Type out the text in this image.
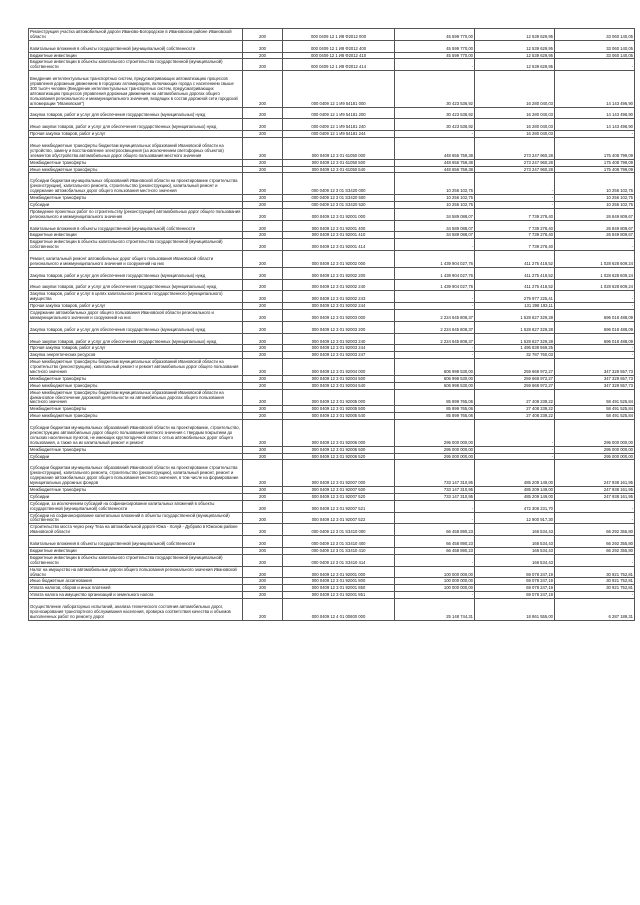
Реконструкция участка автомобильной дороги Иваново-Богородское в Ивановском районе Ивановской области	200	000 0409 12 1 И8 Ф2012 000	45 599 770,00	12 539 629,95	33 060 140,05
Капитальные вложения в объекты государственной (муниципальной) собственности	200	000 0409 12 1 И8 Ф2012 400	45 599 770,00	12 539 629,95	33 060 140,05
Бюджетные инвестиции	200	000 0409 12 1 И8 Ф2012 410	45 599 770,00	12 539 629,95	33 060 140,05
Бюджетные инвестиции в объекты капитального строительства государственной (муниципальной) собственности	200	000 0409 12 1 И8 Ф2012 414	-	12 539 629,95	-
Внедрение интеллектуальных транспортных систем, предусматривающих автоматизацию процессов управления дорожным движением в городских агломерациях, включающих города с населением свыше 300 тысяч человек (Внедрение интеллектуальных транспортных систем, предусматривающих автоматизацию процессов управления дорожным движением на автомобильных дорогах общего пользования регионального и межмуниципального значения, входящих в состав дорожной сети городской агломерации "Ивановская")	200	000 0409 12 1 И9 54181 000	30 423 536,92	16 280 040,03	14 143 496,90
Закупка товаров, работ и услуг для обеспечения государственных (муниципальных) нужд	200	000 0409 12 1 И9 54181 200	30 423 536,92	16 280 040,03	14 143 496,90
Иные закупки товаров, работ и услуг для обеспечения государственных (муниципальных) нужд	200	000 0409 12 1 И9 54181 240	30 423 536,92	16 280 040,03	14 143 496,90
Прочая закупка товаров, работ и услуг	200	000 0409 12 1 И9 54181 244	-	16 280 040,03	-
Иные межбюджетные трансферты бюджетам муниципальных образований Ивановской области на устройство, замену и восстановление электроосвещения (за исключением светофорных объектов) элементов обустройства автомобильных дорог общего пользования местного значения	200	000 0409 12 3 01 61050 000	448 656 759,38	273 247 960,28	175 408 799,09
Межбюджетные трансферты	200	000 0409 12 3 01 61050 500	448 656 759,38	273 247 960,28	175 408 799,09
Иные межбюджетные трансферты	200	000 0409 12 3 01 61050 540	448 656 759,38	273 247 960,28	175 408 799,09
Субсидии бюджетам муниципальных образований Ивановской области на проектирование строительства (реконструкции), капитального ремонта, строительство (реконструкцию), капитальный ремонт и содержание автомобильных дорог общего пользования местного значения	200	000 0409 12 3 01 S3420 000	10 256 102,75	-	10 256 102,75
Межбюджетные трансферты	200	000 0409 12 3 01 S3420 500	10 256 102,75	-	10 256 102,75
Субсидии	200	000 0409 12 3 01 S3420 520	10 256 102,75	-	10 256 102,75
Проведение проектных работ по строительству (реконструкции) автомобильных дорог общего пользования регионального и межмуниципального значения	200	000 0409 12 3 01 92001 000	34 589 088,07	7 739 278,40	26 849 809,67
Капитальные вложения в объекты государственной (муниципальной) собственности	200	000 0409 12 3 01 92001 400	34 589 088,07	7 739 278,40	26 849 809,67
Бюджетные инвестиции	200	000 0409 12 3 01 92001 410	34 589 088,07	7 739 278,40	26 849 809,67
Бюджетные инвестиции в объекты капитального строительства государственной (муниципальной) собственности	200	000 0409 12 3 01 92001 414	-	7 739 278,40	-
Ремонт, капитальный ремонт автомобильных дорог общего пользования Ивановской области регионального и межмуниципального значения и сооружений на них	200	000 0409 12 3 01 92002 000	1 439 904 027,76	411 275 418,52	1 028 628 609,24
Закупка товаров, работ и услуг для обеспечения государственных (муниципальных) нужд	200	000 0409 12 3 01 92002 200	1 439 904 027,76	411 275 418,52	1 028 628 609,24
Иные закупки товаров, работ и услуг для обеспечения государственных (муниципальных) нужд	200	000 0409 12 3 01 92002 240	1 439 904 027,76	411 275 418,52	1 028 628 609,24
Закупка товаров, работ и услуг в целях капитального ремонта государственного (муниципального) имущества	200	000 0409 12 3 01 92002 243	-	279 977 225,41	-
Прочая закупка товаров, работ и услуг	200	000 0409 12 3 01 92002 244	-	131 298 193,11	-
Содержание автомобильных дорог общего пользования Ивановской области регионального и межмуниципального значения и сооружений на них	200	000 0409 12 3 01 92003 000	2 224 645 808,37	1 528 627 329,28	696 018 488,09
Закупка товаров, работ и услуг для обеспечения государственных (муниципальных) нужд	200	000 0409 12 3 01 92003 200	2 224 645 808,37	1 528 627 329,28	696 018 488,09
Иные закупки товаров, работ и услуг для обеспечения государственных (муниципальных) нужд	200	000 0409 12 3 01 92003 240	2 224 645 808,37	1 528 627 329,28	696 018 488,09
Прочая закупка товаров, работ и услуг	200	000 0409 12 3 01 92003 244	-	1 495 839 569,25	-
Закупка энергетических ресурсов	200	000 0409 12 3 01 92003 247	-	32 787 760,03	-
Иные межбюджетные трансферты бюджетам муниципальных образований Ивановской области на строительство (реконструкцию), капитальный ремонт и ремонт автомобильных дорог общего пользования местного значения	200	000 0409 12 3 01 92004 000	606 998 530,00	259 668 972,27	347 329 557,73
Межбюджетные трансферты	200	000 0409 12 3 01 92004 500	606 998 530,00	259 668 972,27	347 329 557,73
Иные межбюджетные трансферты	200	000 0409 12 3 01 92004 540	606 998 530,00	259 668 972,27	347 329 557,73
Иные межбюджетные трансферты бюджетам муниципальных образований Ивановской области на финансовое обеспечение дорожной деятельности на автомобильных дорогах общего пользования местного значения	200	000 0409 12 3 01 92005 000	85 899 765,06	27 408 239,22	58 491 525,84
Межбюджетные трансферты	200	000 0409 12 3 01 92005 500	85 899 765,06	27 408 239,22	58 491 525,84
Иные межбюджетные трансферты	200	000 0409 12 3 01 92005 540	85 899 765,06	27 408 239,22	58 491 525,84
Субсидии бюджетам муниципальных образований Ивановской области на проектирование, строительство, реконструкцию автомобильных дорог общего пользования местного значения с твердым покрытием до сельских населенных пунктов, не имеющих круглогодичной связи с сетью автомобильных дорог общего пользования, а также на их капитальный ремонт и ремонт	200	000 0409 12 3 01 92006 000	295 000 000,00	-	295 000 000,00
Межбюджетные трансферты	200	000 0409 12 3 01 92006 500	295 000 000,00	-	295 000 000,00
Субсидии	200	000 0409 12 3 01 92006 520	295 000 000,00	-	295 000 000,00
Субсидии бюджетам муниципальных образований Ивановской области на проектирование строительства (реконструкции), капитального ремонта, строительство (реконструкцию), капитальный ремонт, ремонт и содержание автомобильных дорог общего пользования местного значения, в том числе на формирование муниципальных дорожных фондов	200	000 0409 12 3 01 92007 000	733 147 310,95	485 209 149,00	247 938 161,95
Межбюджетные трансферты	200	000 0409 12 3 01 92007 500	733 147 310,95	485 209 149,00	247 938 161,95
Субсидии	200	000 0409 12 3 01 92007 520	733 147 310,95	485 209 149,00	247 938 161,95
Субсидии, за исключением субсидий на софинансирование капитальных вложений в объекты государственной (муниципальной) собственности	200	000 0409 12 3 01 92007 521	-	472 308 231,70	-
Субсидии на софинансирование капитальных вложений в объекты государственной (муниципальной) собственности	200	000 0409 12 3 01 92007 522	-	12 900 917,30	-
Строительство моста через реку Теза на автомобильной дороге Южа - Холуй - Дуброво в Южском районе Ивановской области	200	000 0409 12 3 01 S3410 000	66 458 890,23	166 534,43	66 292 355,80
Капитальные вложения в объекты государственной (муниципальной) собственности	200	000 0409 12 3 01 S3410 400	66 458 890,23	166 534,43	66 292 355,80
Бюджетные инвестиции	200	000 0409 12 3 01 S3410 410	66 458 890,23	166 534,43	66 292 355,80
Бюджетные инвестиции в объекты капитального строительства государственной (муниципальной) собственности	200	000 0409 12 3 01 S3410 414	-	166 534,43	-
Налог на имущество на автомобильные дороги общего пользования регионального значения Ивановской области	200	000 0409 12 3 01 92001 000	100 000 000,00	69 078 247,19	30 921 752,81
Иные бюджетные ассигнования	200	000 0409 12 3 01 92001 800	100 000 000,00	69 078 247,19	30 921 752,81
Уплата налогов, сборов и иных платежей	200	000 0409 12 3 01 92001 850	100 000 000,00	69 078 247,19	30 921 752,81
Уплата налога на имущество организаций и земельного налога	200	000 0409 12 3 01 92001 851	-	69 078 247,19	-
Осуществление лабораторных испытаний, анализа технического состояния автомобильных дорог, прогнозирования транспортного обслуживания населения, проверка соответствия качества и объемов выполненных работ по ремонту дорог	200	000 0409 12 4 01 00600 000	25 148 744,31	18 861 555,00	6 287 189,31
